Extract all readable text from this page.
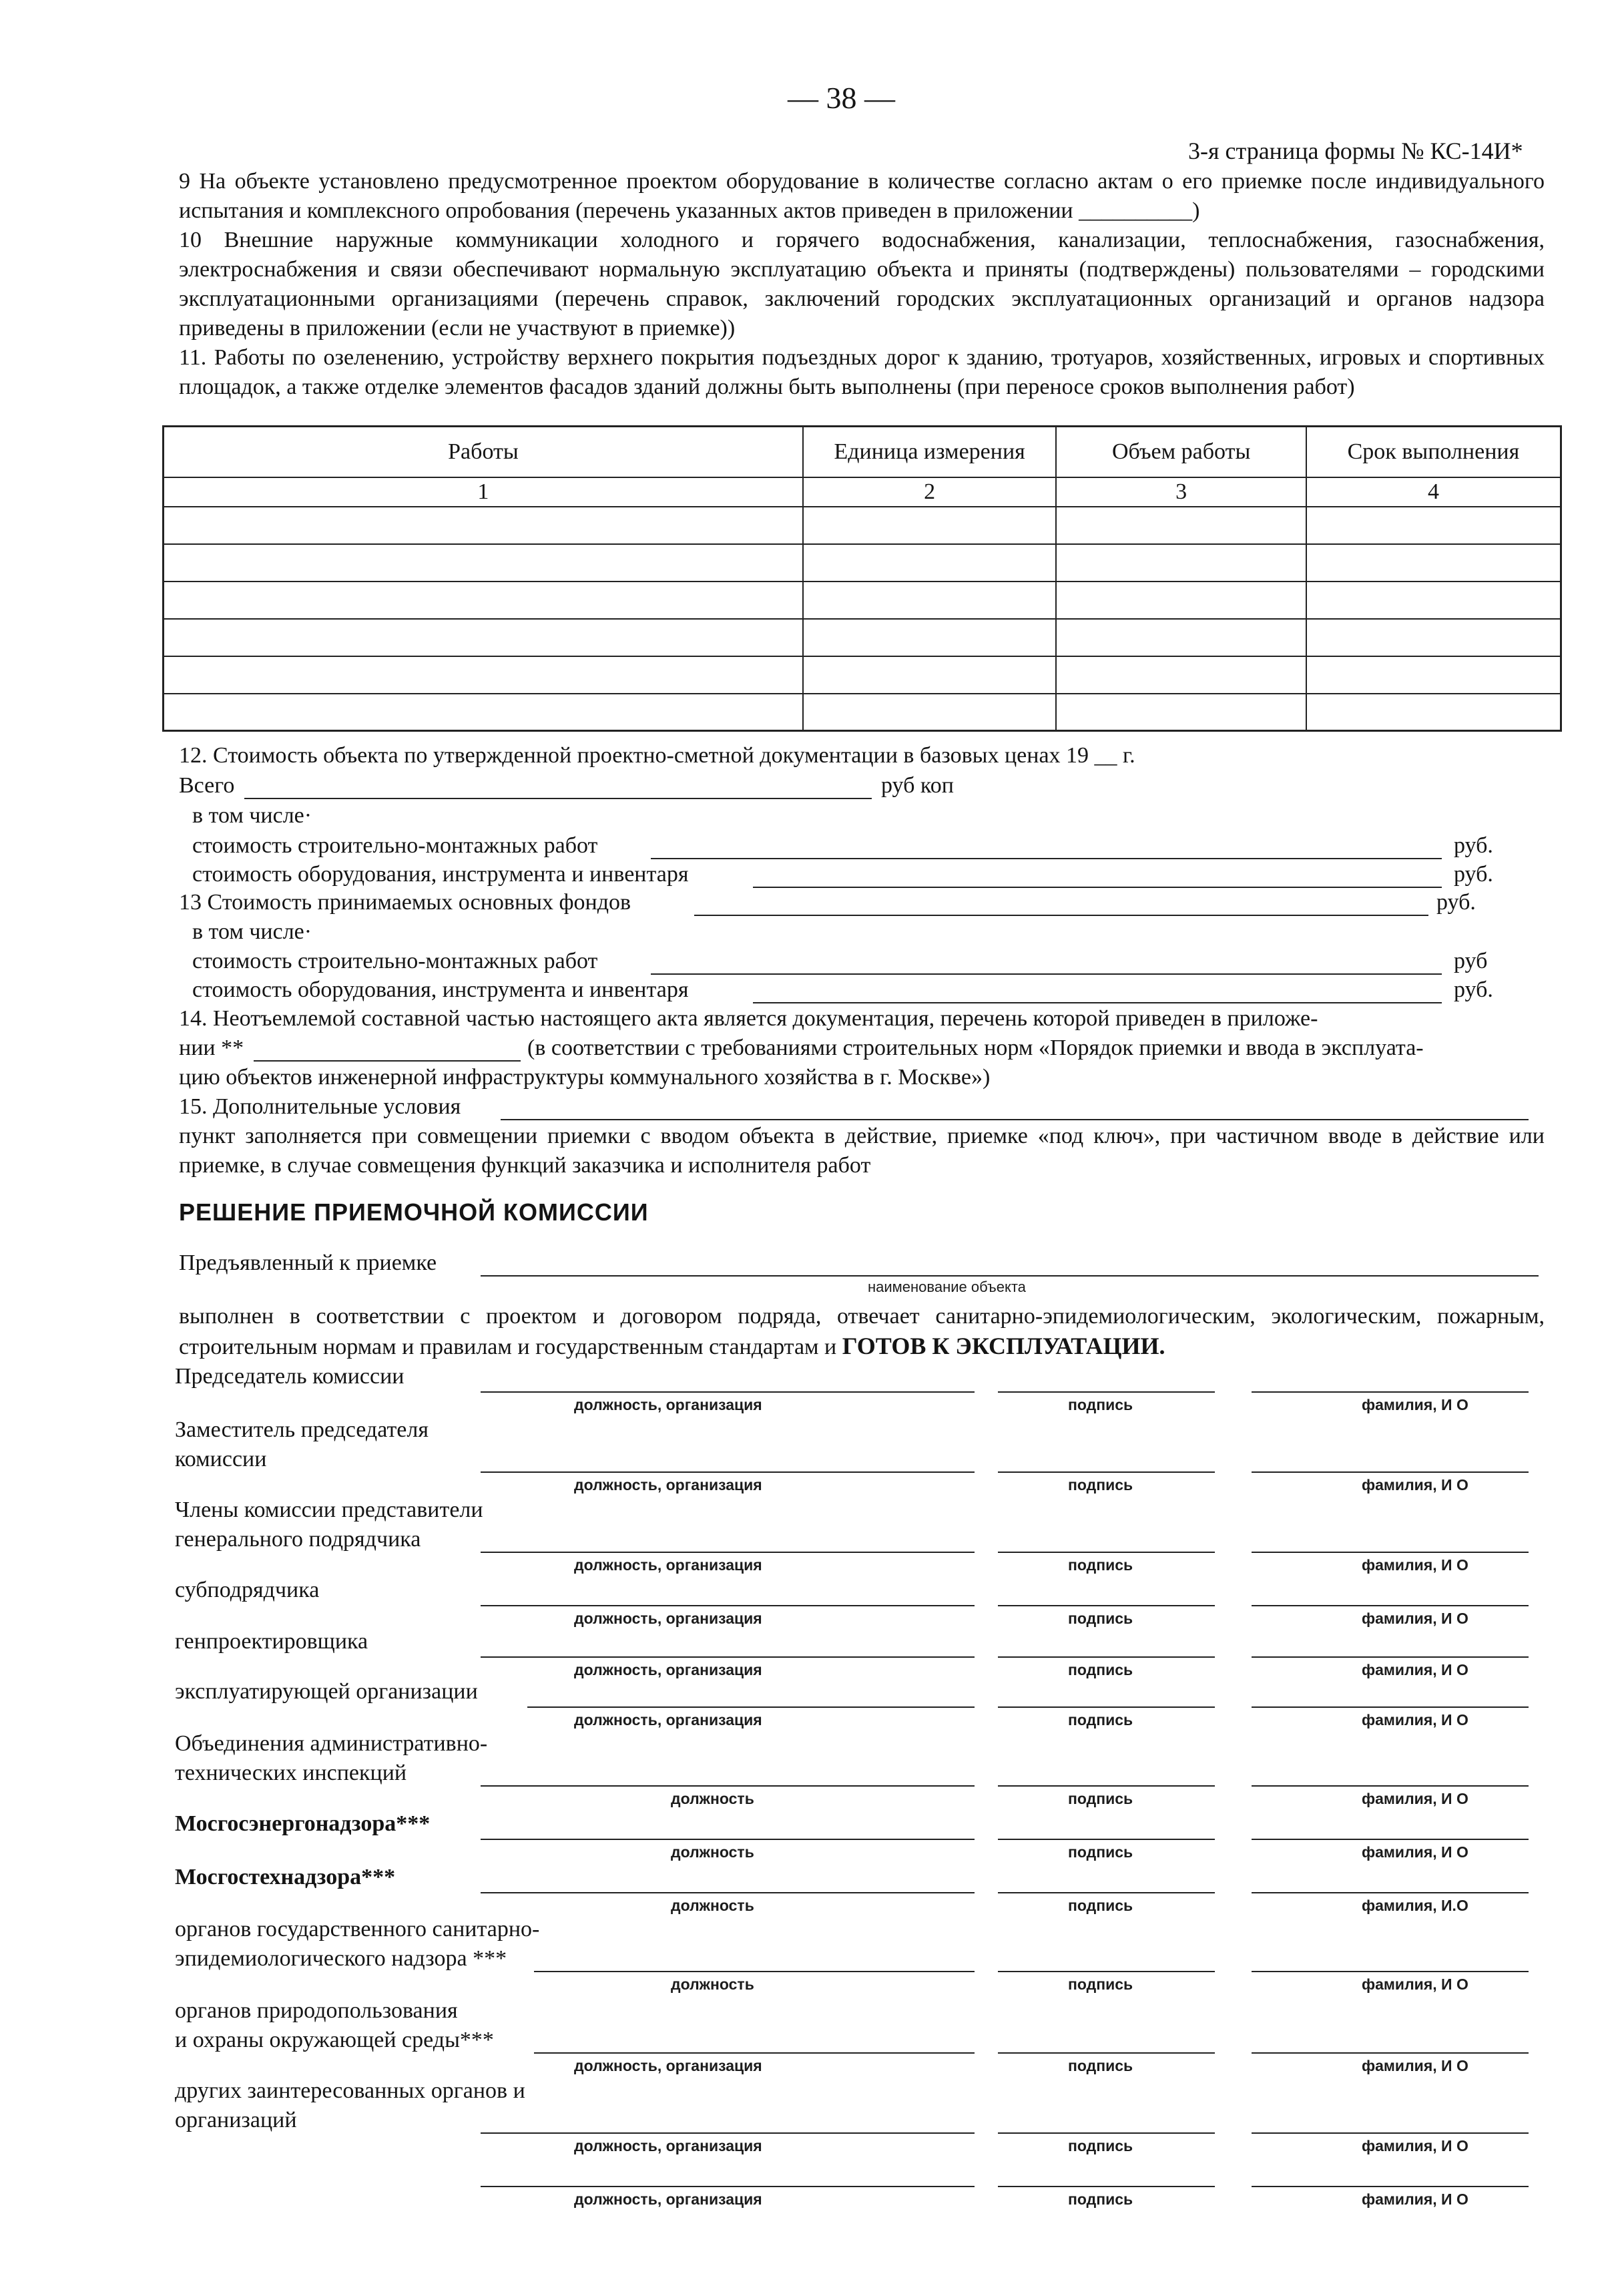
— 38 —
3-я страница формы № КС-14И*
9 На объекте установлено предусмотренное проектом оборудование в количестве согласно актам о его приемке после индивидуального испытания и комплексного опробования (перечень указанных актов приведен в приложении __________)
10 Внешние наружные коммуникации холодного и горячего водоснабжения, канализации, теплоснабжения, газоснабжения, электроснабжения и связи обеспечивают нормальную эксплуатацию объекта и приняты (подтверждены) пользователями – городскими эксплуатационными организациями (перечень справок, заключений городских эксплуатационных организаций и органов надзора приведены в приложении (если не участвуют в приемке))
11. Работы по озеленению, устройству верхнего покрытия подъездных дорог к зданию, тротуаров, хозяйственных, игровых и спортивных площадок, а также отделке элементов фасадов зданий должны быть выполнены (при переносе сроков выполнения работ)
Работы	Единица измерения	Объем работы	Срок выполнения
1	2	3	4

12. Стоимость объекта по утвержденной проектно-сметной документации в базовых ценах 19 __ г.
Всего	руб коп
в том числе·
стоимость строительно-монтажных работ	руб.
стоимость оборудования, инструмента и инвентаря	руб.
13 Стоимость принимаемых основных фондов	руб.
в том числе·
стоимость строительно-монтажных работ	руб
стоимость оборудования, инструмента и инвентаря	руб.
14. Неотъемлемой составной частью настоящего акта является документация, перечень которой приведен в приложе-
нии **	(в соответствии с требованиями строительных норм «Порядок приемки и ввода в эксплуата-
цию объектов инженерной инфраструктуры коммунального хозяйства в г. Москве»)
15. Дополнительные условия
пункт заполняется при совмещении приемки с вводом объекта в действие, приемке «под ключ», при частичном вводе в действие или приемке, в случае совмещения функций заказчика и исполнителя работ
РЕШЕНИЕ ПРИЕМОЧНОЙ КОМИССИИ
Предъявленный к приемке
наименование объекта
выполнен в соответствии с проектом и договором подряда, отвечает санитарно-эпидемиологическим, экологическим, пожарным, строительным нормам и правилам и государственным стандартам и ГОТОВ К ЭКСПЛУАТАЦИИ.
Председатель комиссии
должность, организация	подпись	фамилия, И О
Заместитель председателя
комиссии
должность, организация	подпись	фамилия, И О
Члены комиссии представители
генерального подрядчика
должность, организация	подпись	фамилия, И О
субподрядчика
должность, организация	подпись	фамилия, И О
генпроектировщика
должность, организация	подпись	фамилия, И О
эксплуатирующей организации
должность, организация	подпись	фамилия, И О
Объединения административно-
технических инспекций
должность	подпись	фамилия, И О
Мосгосэнергонадзора***
должность	подпись	фамилия, И О
Мосгостехнадзора***
должность	подпись	фамилия, И.О
органов государственного санитарно-
эпидемиологического надзора ***
должность	подпись	фамилия, И О
органов природопользования
и охраны окружающей среды***
должность, организация	подпись	фамилия, И О
других заинтересованных органов и
организаций
должность, организация	подпись	фамилия, И О
должность, организация	подпись	фамилия, И О
